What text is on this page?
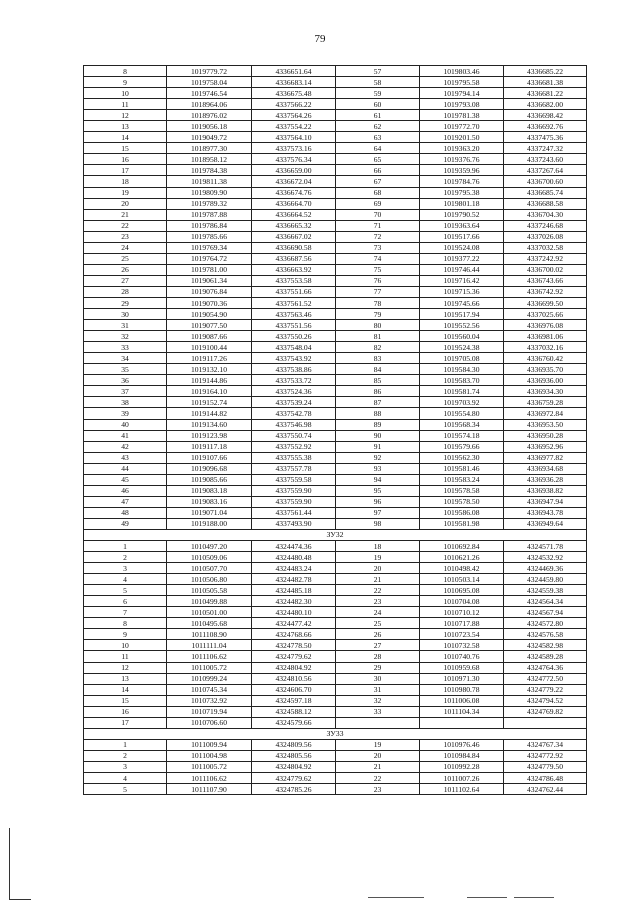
79
8	1019779.72	4336651.64	57	1019803.46	4336685.22
9	1019758.04	4336683.14	58	1019795.58	4336681.38
10	1019746.54	4336675.48	59	1019794.14	4336681.22
11	1018964.06	4337566.22	60	1019793.08	4336682.00
12	1018976.02	4337564.26	61	1019781.38	4336698.42
13	1019056.18	4337554.22	62	1019772.70	4336692.76
14	1019049.72	4337564.10	63	1019201.50	4337475.36
15	1018977.30	4337573.16	64	1019363.20	4337247.32
16	1018958.12	4337576.34	65	1019376.76	4337243.60
17	1019784.38	4336659.00	66	1019359.96	4337267.64
18	1019811.38	4336672.04	67	1019784.76	4336700.60
19	1019809.90	4336674.76	68	1019795.38	4336685.74
20	1019789.32	4336664.70	69	1019801.18	4336688.58
21	1019787.88	4336664.52	70	1019790.52	4336704.30
22	1019786.84	4336665.32	71	1019363.64	4337246.68
23	1019785.66	4336667.02	72	1019517.66	4337026.08
24	1019769.34	4336690.58	73	1019524.08	4337032.58
25	1019764.72	4336687.56	74	1019377.22	4337242.92
26	1019781.00	4336663.92	75	1019746.44	4336700.02
27	1019061.34	4337553.58	76	1019716.42	4336743.66
28	1019076.84	4337551.66	77	1019715.36	4336742.92
29	1019070.36	4337561.52	78	1019745.66	4336699.50
30	1019054.90	4337563.46	79	1019517.94	4337025.66
31	1019077.50	4337551.56	80	1019552.56	4336976.08
32	1019087.66	4337550.26	81	1019560.04	4336981.06
33	1019100.44	4337548.04	82	1019524.38	4337032.16
34	1019117.26	4337543.92	83	1019705.08	4336760.42
35	1019132.10	4337538.86	84	1019584.30	4336935.70
36	1019144.86	4337533.72	85	1019583.70	4336936.00
37	1019164.10	4337524.36	86	1019581.74	4336934.30
38	1019152.74	4337539.24	87	1019703.92	4336759.28
39	1019144.82	4337542.78	88	1019554.80	4336972.84
40	1019134.60	4337546.98	89	1019568.34	4336953.50
41	1019123.98	4337550.74	90	1019574.18	4336950.28
42	1019117.18	4337552.92	91	1019579.66	4336952.96
43	1019107.66	4337555.38	92	1019562.30	4336977.82
44	1019096.68	4337557.78	93	1019581.46	4336934.68
45	1019085.66	4337559.58	94	1019583.24	4336936.28
46	1019083.18	4337559.90	95	1019578.58	4336938.82
47	1019083.16	4337559.90	96	1019578.50	4336947.94
48	1019071.04	4337561.44	97	1019586.08	4336943.78
49	1019188.00	4337493.90	98	1019581.98	4336949.64
ЗУ32					
1	1010497.20	4324474.36	18	1010692.84	4324571.78
2	1010509.06	4324480.48	19	1010621.26	4324532.92
3	1010507.70	4324483.24	20	1010498.42	4324469.36
4	1010506.80	4324482.78	21	1010503.14	4324459.80
5	1010505.58	4324485.18	22	1010695.08	4324559.38
6	1010499.88	4324482.30	23	1010704.08	4324564.34
7	1010501.00	4324480.10	24	1010710.12	4324567.94
8	1010495.68	4324477.42	25	1010717.88	4324572.80
9	1011108.90	4324768.66	26	1010723.54	4324576.58
10	1011111.04	4324778.50	27	1010732.58	4324582.98
11	1011106.62	4324779.62	28	1010740.76	4324589.28
12	1011005.72	4324804.92	29	1010959.68	4324764.36
13	1010999.24	4324810.56	30	1010971.30	4324772.50
14	1010745.34	4324606.70	31	1010980.78	4324779.22
15	1010732.92	4324597.18	32	1011006.08	4324794.52
16	1010719.94	4324588.12	33	1011104.34	4324769.82
17	1010706.60	4324579.66			
ЗУ33					
1	1011009.94	4324809.56	19	1010976.46	4324767.34
2	1011004.98	4324805.56	20	1010984.84	4324772.92
3	1011005.72	4324804.92	21	1010992.28	4324779.50
4	1011106.62	4324779.62	22	1011007.26	4324786.48
5	1011107.90	4324785.26	23	1011102.64	4324762.44
